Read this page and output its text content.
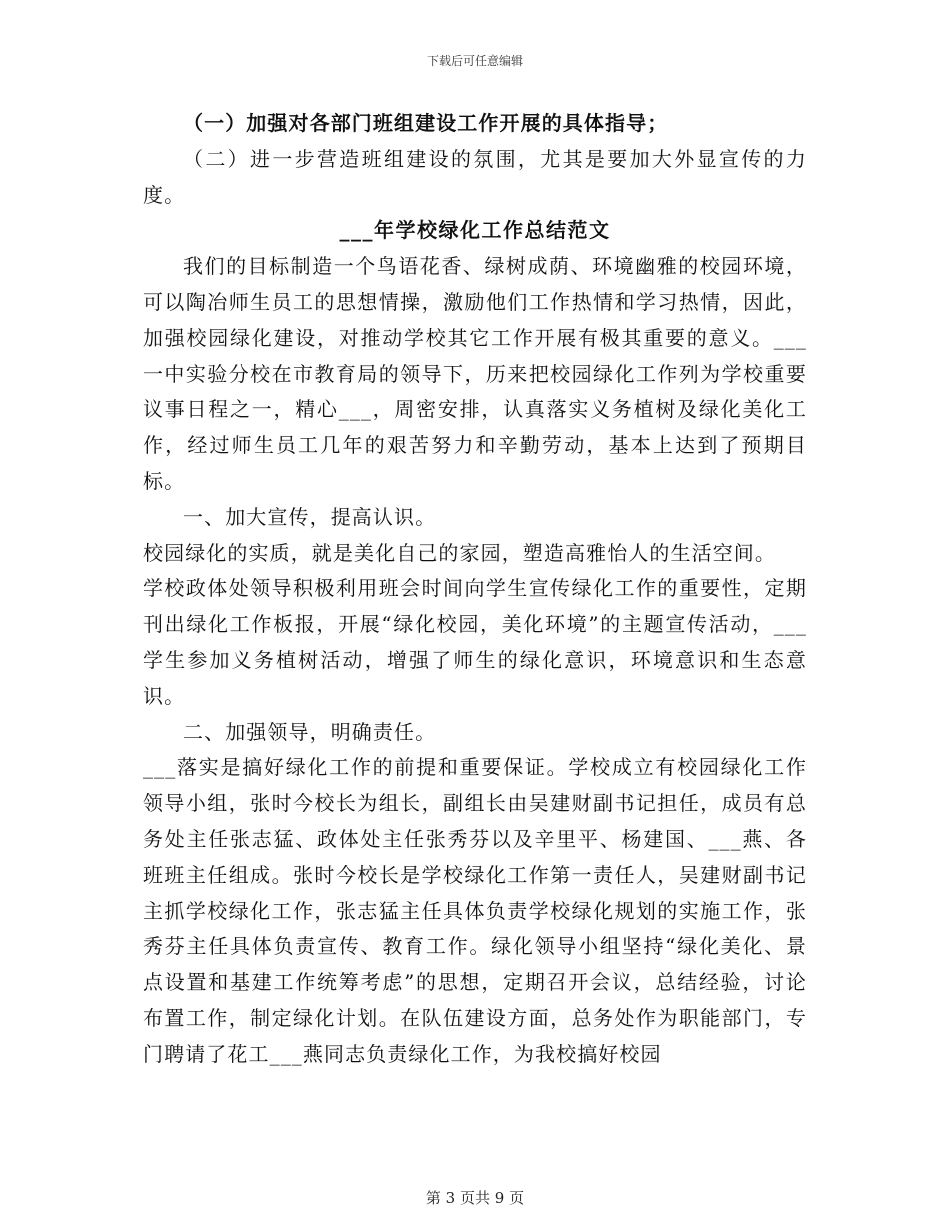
下载后可任意编辑

（一）加强对各部门班组建设工作开展的具体指导；

（二）进一步营造班组建设的氛围，尤其是要加大外显宣传的力度。

___年学校绿化工作总结范文

我们的目标制造一个鸟语花香、绿树成荫、环境幽雅的校园环境，可以陶冶师生员工的思想情操，激励他们工作热情和学习热情，因此，加强校园绿化建设，对推动学校其它工作开展有极其重要的意义。___一中实验分校在市教育局的领导下，历来把校园绿化工作列为学校重要议事日程之一，精心___，周密安排，认真落实义务植树及绿化美化工作，经过师生员工几年的艰苦努力和辛勤劳动，基本上达到了预期目标。

一、加大宣传，提高认识。

校园绿化的实质，就是美化自己的家园，塑造高雅怡人的生活空间。

学校政体处领导积极利用班会时间向学生宣传绿化工作的重要性，定期刊出绿化工作板报，开展“绿化校园，美化环境”的主题宣传活动，___学生参加义务植树活动，增强了师生的绿化意识，环境意识和生态意识。

二、加强领导，明确责任。

___落实是搞好绿化工作的前提和重要保证。学校成立有校园绿化工作领导小组，张时今校长为组长，副组长由吴建财副书记担任，成员有总务处主任张志猛、政体处主任张秀芬以及辛里平、杨建国、___燕、各班班主任组成。张时今校长是学校绿化工作第一责任人，吴建财副书记主抓学校绿化工作，张志猛主任具体负责学校绿化规划的实施工作，张秀芬主任具体负责宣传、教育工作。绿化领导小组坚持“绿化美化、景点设置和基建工作统筹考虑”的思想，定期召开会议，总结经验，讨论布置工作，制定绿化计划。在队伍建设方面，总务处作为职能部门，专门聘请了花工___燕同志负责绿化工作，为我校搞好校园

第 3 页共 9 页
